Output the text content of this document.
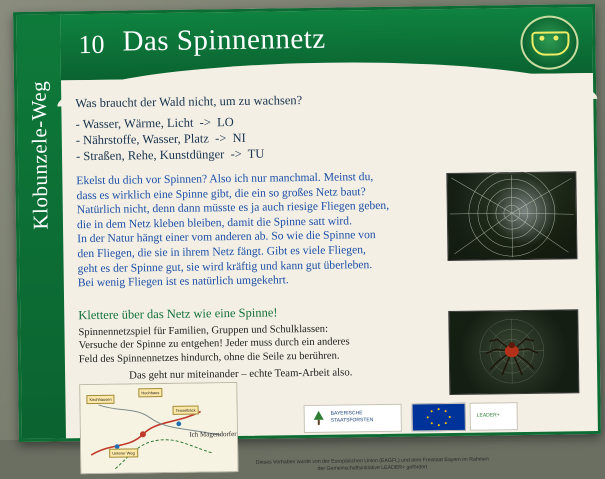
Klobunzele-Weg
10 Das Spinnennetz
Was braucht der Wald nicht, um zu wachsen?
- Wasser, Wärme, Licht  ->  LO
- Nährstoffe, Wasser, Platz  ->  NI
- Straßen, Rehe, Kunstdünger  ->  TU
Ekelst du dich vor Spinnen? Also ich nur manchmal. Meinst du,
dass es wirklich eine Spinne gibt, die ein so großes Netz baut?
Natürlich nicht, denn dann müsste es ja auch riesige Fliegen geben,
die in dem Netz kleben bleiben, damit die Spinne satt wird.
In der Natur hängt einer vom anderen ab. So wie die Spinne von
den Fliegen, die sie in ihrem Netz fängt. Gibt es viele Fliegen,
geht es der Spinne gut, sie wird kräftig und kann gut überleben.
Bei wenig Fliegen ist es natürlich umgekehrt.
Klettere über das Netz wie eine Spinne!
Spinnennetzspiel für Familien, Gruppen und Schulklassen:
Versuche der Spinne zu entgehen! Jeder muss durch ein anderes
Feld des Spinnennetzes hindurch, ohne die Seile zu berühren.
Das geht nur miteinander – echte Team-Arbeit also.
Kirchhausen
Hochhaus
Teuselbäck
Unterer Weg
Ich Magendorfer
BAYERISCHE
STAATSFORSTEN
LEADER+
Dieses Vorhaben wurde von der Europäischen Union (EAGFL) und dem Freistaat Bayern im Rahmen der Gemeinschaftsinitiative LEADER+ gefördert
